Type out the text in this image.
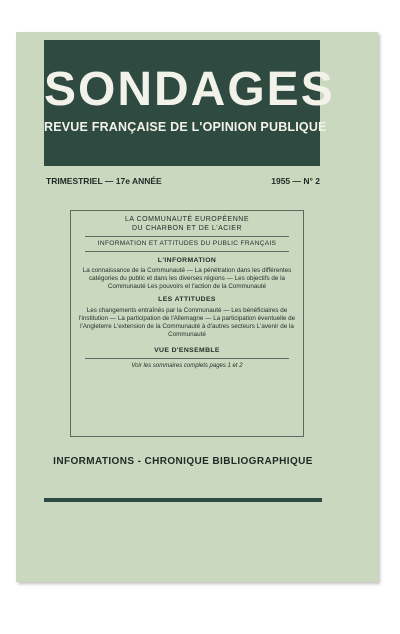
SONDAGES
REVUE FRANÇAISE DE L'OPINION PUBLIQUE
TRIMESTRIEL — 17e ANNÉE	1955 — N° 2
LA COMMUNAUTÉ EUROPÉENNE
DU CHARBON ET DE L'ACIER
INFORMATION ET ATTITUDES DU PUBLIC FRANÇAIS
L'INFORMATION
La connaissance de la Communauté — La pénétration dans les différentes catégories du public et dans les diverses régions — Les objectifs de la Communauté Les pouvoirs et l'action de la Communauté
LES ATTITUDES
Les changements entraînés par la Communauté — Les bénéficiaires de l'institution — La participation de l'Allemagne — La participation éventuelle de l'Angleterre L'extension de la Communauté à d'autres secteurs L'avenir de la Communauté
VUE D'ENSEMBLE
Voir les sommaires complets pages 1 et 2
INFORMATIONS - CHRONIQUE BIBLIOGRAPHIQUE
